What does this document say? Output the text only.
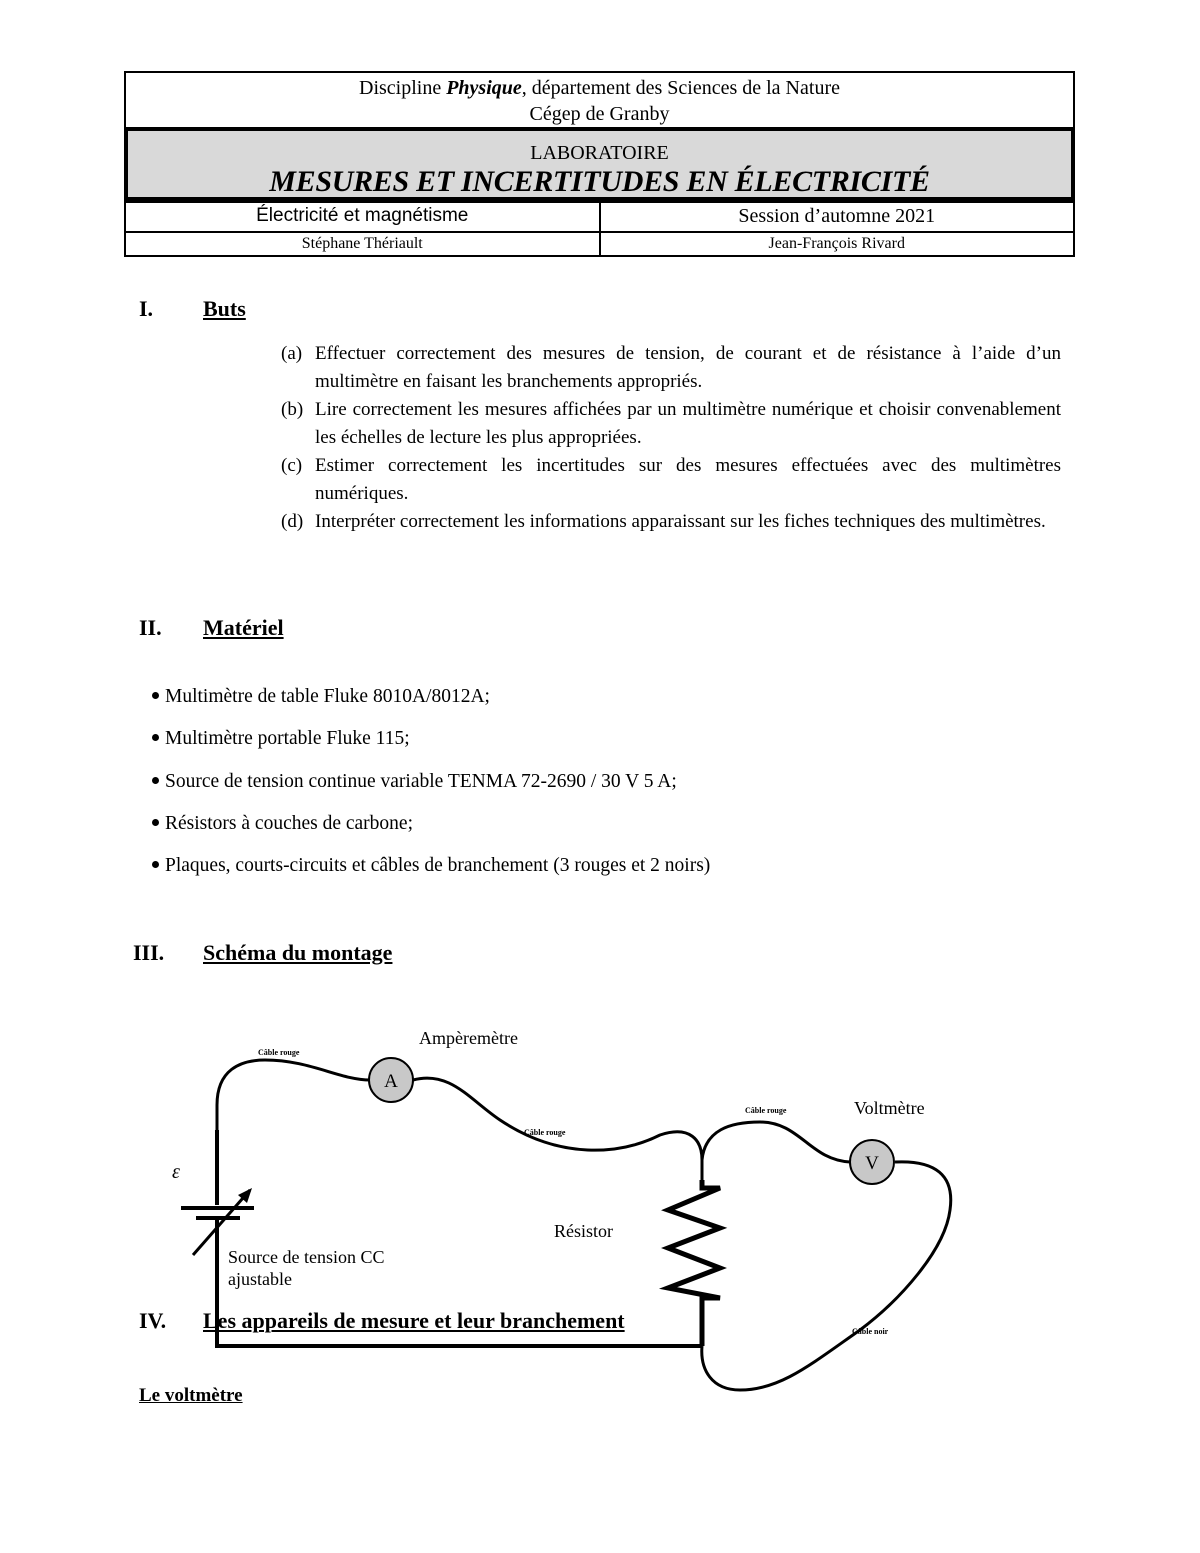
Discipline Physique, département des Sciences de la Nature
Cégep de Granby
LABORATOIRE
MESURES ET INCERTITUDES EN ÉLECTRICITÉ
Électricité et magnétisme	Session d’automne 2021
Stéphane Thériault	Jean-François Rivard
I. Buts
(a) Effectuer correctement des mesures de tension, de courant et de résistance à l’aide d’un multimètre en faisant les branchements appropriés.
(b) Lire correctement les mesures affichées par un multimètre numérique et choisir convenablement les échelles de lecture les plus appropriées.
(c) Estimer correctement les incertitudes sur des mesures effectuées avec des multimètres numériques.
(d) Interpréter correctement les informations apparaissant sur les fiches techniques des multimètres.
II. Matériel
Multimètre de table Fluke 8010A/8012A;
Multimètre portable Fluke 115;
Source de tension continue variable TENMA 72-2690 / 30 V 5 A;
Résistors à couches de carbone;
Plaques, courts-circuits et câbles de branchement (3 rouges et 2 noirs)
III. Schéma du montage
IV. Les appareils de mesure et leur branchement
A
V
Ampèremètre
Voltmètre
Résistor
ε
Source de tension CC
ajustable
Câble rouge
Câble rouge
Câble rouge
Câble noir
Le voltmètre
